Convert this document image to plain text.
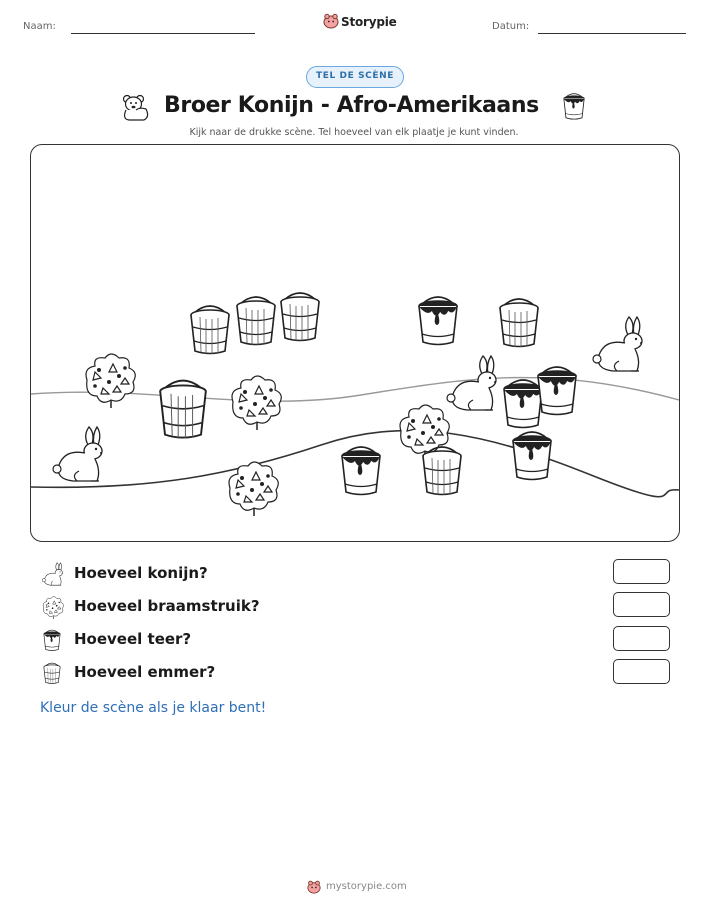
Naam:	Storypie	Datum:
TEL DE SCÈNE
Broer Konijn - Afro-Amerikaans
Kijk naar de drukke scène. Tel hoeveel van elk plaatje je kunt vinden.
Hoeveel konijn?
Hoeveel braamstruik?
Hoeveel teer?
Hoeveel emmer?
Kleur de scène als je klaar bent!
mystorypie.com
